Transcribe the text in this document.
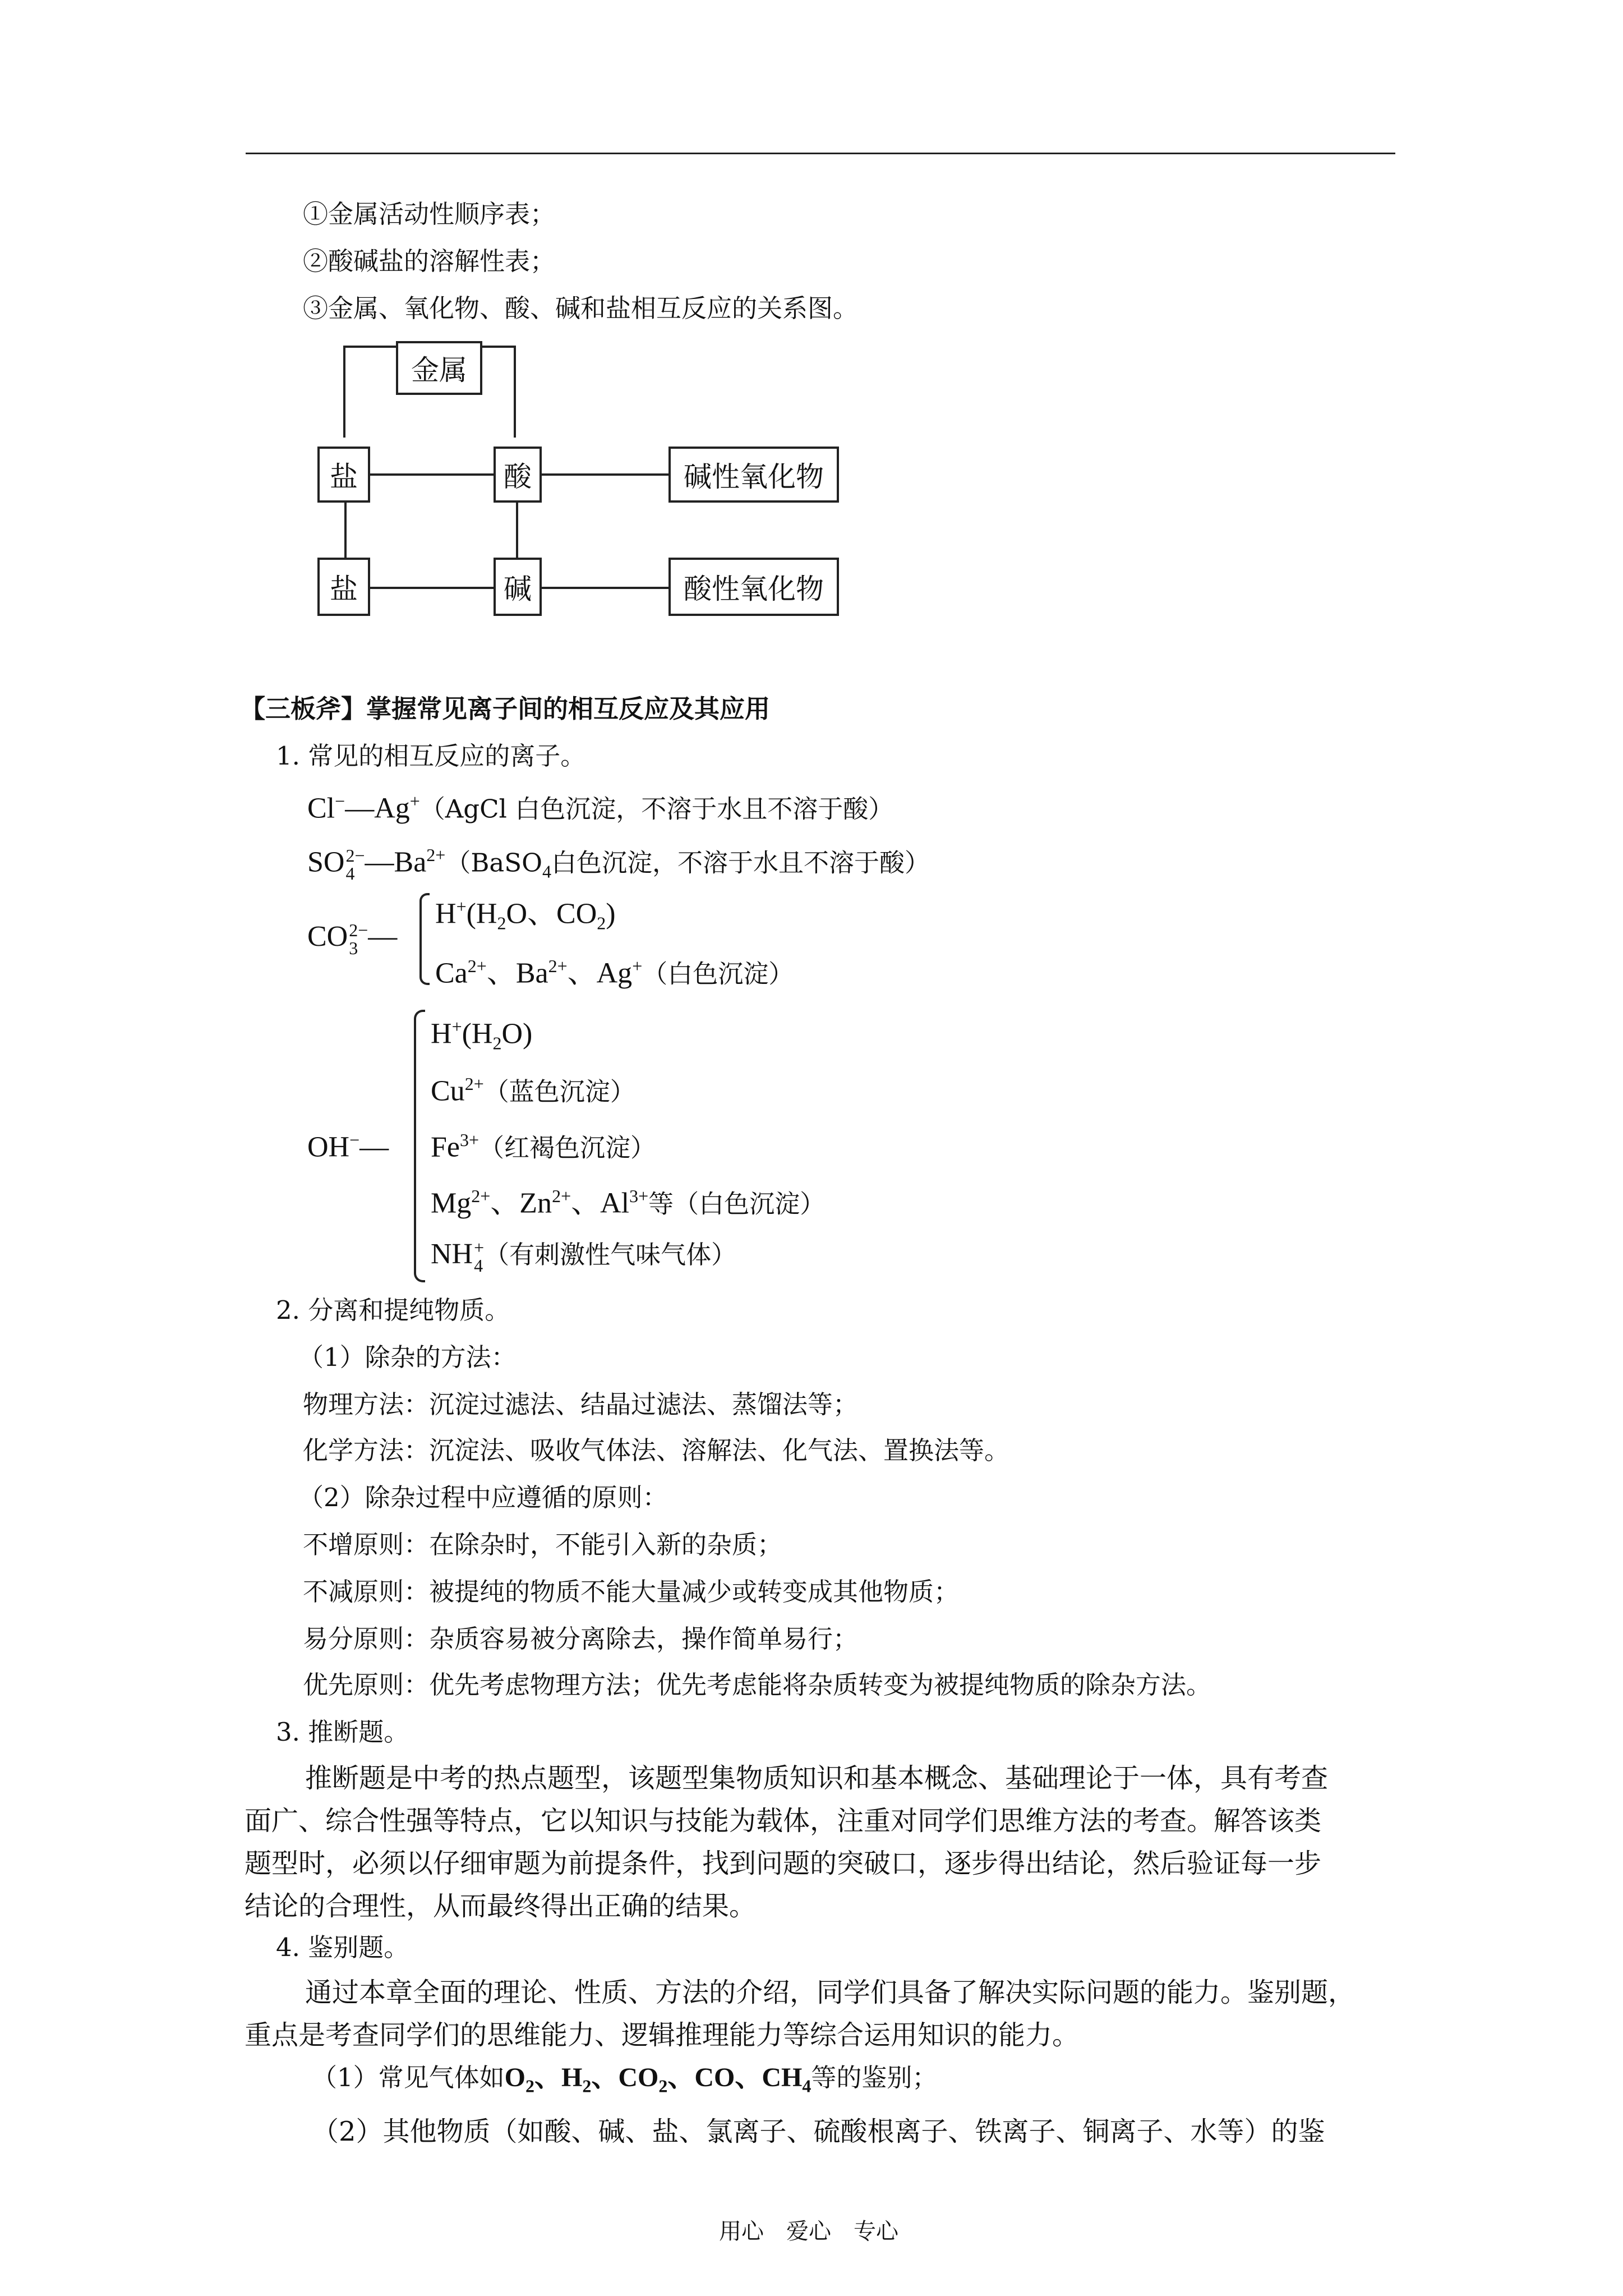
①金属活动性顺序表；
②酸碱盐的溶解性表；
③金属、氧化物、酸、碱和盐相互反应的关系图。
金属
盐	酸	碱性氧化物
盐	碱	酸性氧化物
【三板斧】掌握常见离子间的相互反应及其应用
1. 常见的相互反应的离子。
Cl−—Ag+（AgCl 白色沉淀，不溶于水且不溶于酸）
SO 2−
4 $—Ba^{2+}(BaSO_4$白色沉淀，不溶于水且不溶于酸）
CO 2−
3 —
$H^+(H_2O$、$CO_2$)
$Ca^{2+}$、$Ba^{2+}$、Ag+（白色沉淀）
OH−—
$H^+(H_2O)$
$Cu^{2+}$（蓝色沉淀）
$Fe^{3+}$（红褐色沉淀）
$Mg^{2+}$、$Zn^{2+}$、$Al^{3+}$等（白色沉淀）
NH +
4 （有刺激性气味气体）
2. 分离和提纯物质。
（1）除杂的方法：
物理方法：沉淀过滤法、结晶过滤法、蒸馏法等；
化学方法：沉淀法、吸收气体法、溶解法、化气法、置换法等。
（2）除杂过程中应遵循的原则：
不增原则：在除杂时，不能引入新的杂质；
不减原则：被提纯的物质不能大量减少或转变成其他物质；
易分原则：杂质容易被分离除去，操作简单易行；
优先原则：优先考虑物理方法；优先考虑能将杂质转变为被提纯物质的除杂方法。
3. 推断题。
推断题是中考的热点题型，该题型集物质知识和基本概念、基础理论于一体，具有考查
面广、综合性强等特点，它以知识与技能为载体，注重对同学们思维方法的考查。解答该类
题型时，必须以仔细审题为前提条件，找到问题的突破口，逐步得出结论，然后验证每一步
结论的合理性，从而最终得出正确的结果。
4. 鉴别题。
通过本章全面的理论、性质、方法的介绍，同学们具备了解决实际问题的能力。鉴别题，
重点是考查同学们的思维能力、逻辑推理能力等综合运用知识的能力。
（1）常见气体如$O_2$、$H_2$、$CO_2$、CO、$CH_4$等的鉴别；
（2）其他物质（如酸、碱、盐、氯离子、硫酸根离子、铁离子、铜离子、水等）的鉴
用心　爱心　专心
